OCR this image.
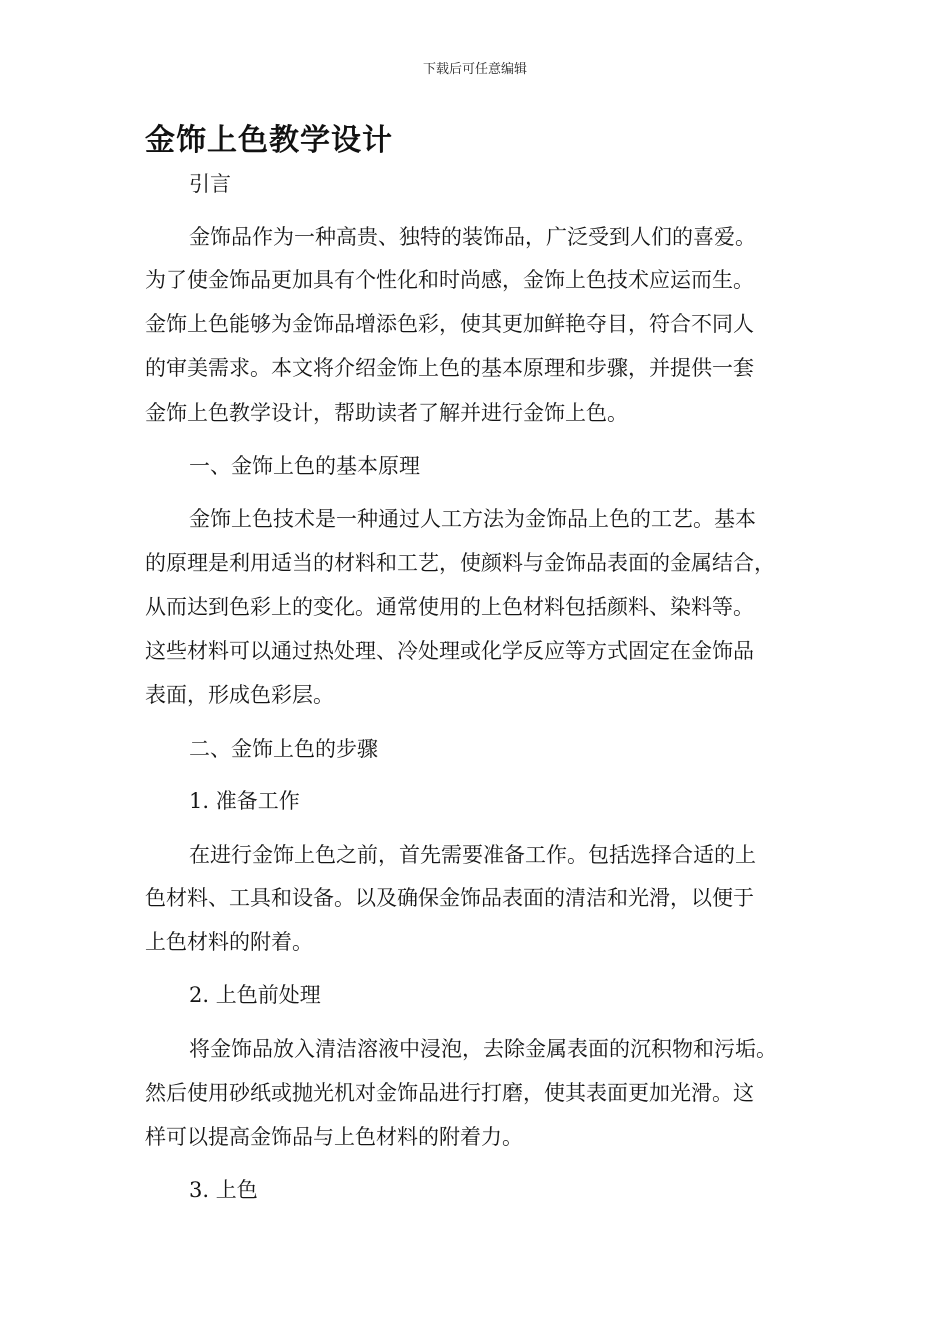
下载后可任意编辑
金饰上色教学设计
引言
金饰品作为一种高贵、独特的装饰品，广泛受到人们的喜爱。
为了使金饰品更加具有个性化和时尚感，金饰上色技术应运而生。
金饰上色能够为金饰品增添色彩，使其更加鲜艳夺目，符合不同人
的审美需求。本文将介绍金饰上色的基本原理和步骤，并提供一套
金饰上色教学设计，帮助读者了解并进行金饰上色。
一、金饰上色的基本原理
金饰上色技术是一种通过人工方法为金饰品上色的工艺。基本
的原理是利用适当的材料和工艺，使颜料与金饰品表面的金属结合，
从而达到色彩上的变化。通常使用的上色材料包括颜料、染料等。
这些材料可以通过热处理、冷处理或化学反应等方式固定在金饰品
表面，形成色彩层。
二、金饰上色的步骤
1. 准备工作
在进行金饰上色之前，首先需要准备工作。包括选择合适的上
色材料、工具和设备。以及确保金饰品表面的清洁和光滑，以便于
上色材料的附着。
2. 上色前处理
将金饰品放入清洁溶液中浸泡，去除金属表面的沉积物和污垢。
然后使用砂纸或抛光机对金饰品进行打磨，使其表面更加光滑。这
样可以提高金饰品与上色材料的附着力。
3. 上色
